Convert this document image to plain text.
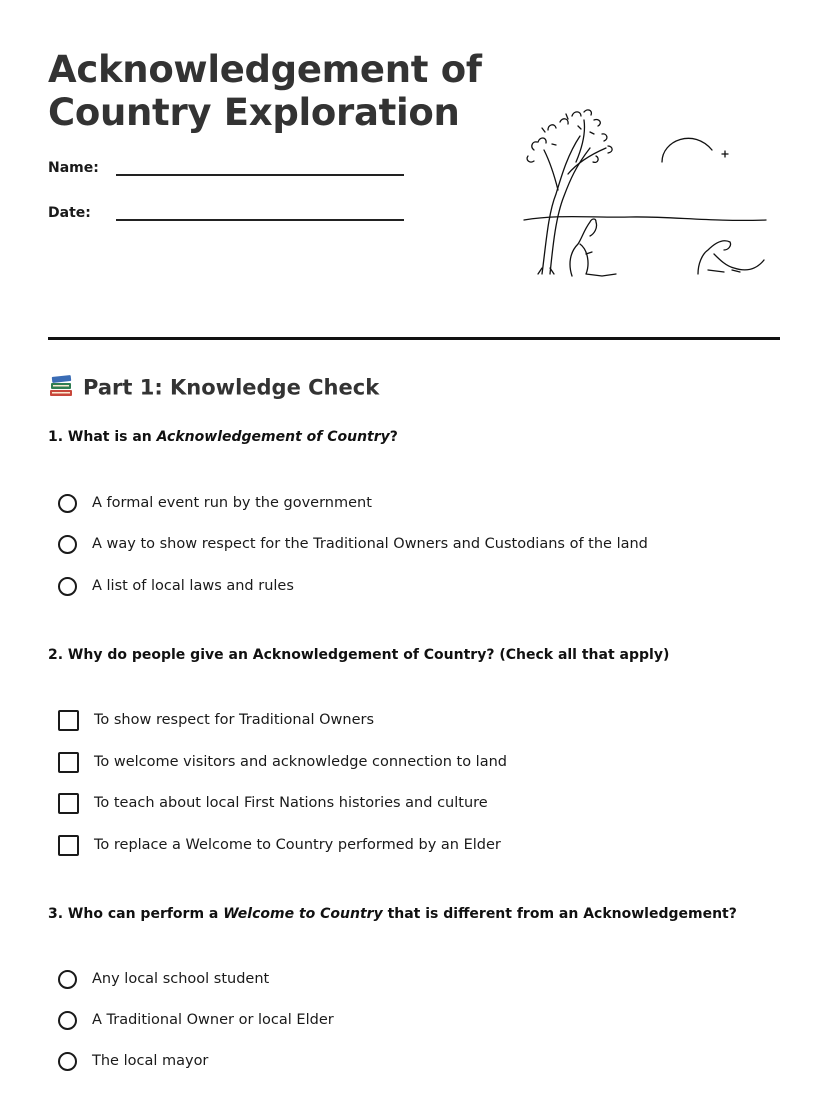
Acknowledgement of
Country Exploration
Name:
Date:
Part 1: Knowledge Check
1. What is an Acknowledgement of Country?
A formal event run by the government
A way to show respect for the Traditional Owners and Custodians of the land
A list of local laws and rules
2. Why do people give an Acknowledgement of Country? (Check all that apply)
To show respect for Traditional Owners
To welcome visitors and acknowledge connection to land
To teach about local First Nations histories and culture
To replace a Welcome to Country performed by an Elder
3. Who can perform a Welcome to Country that is different from an Acknowledgement?
Any local school student
A Traditional Owner or local Elder
The local mayor
